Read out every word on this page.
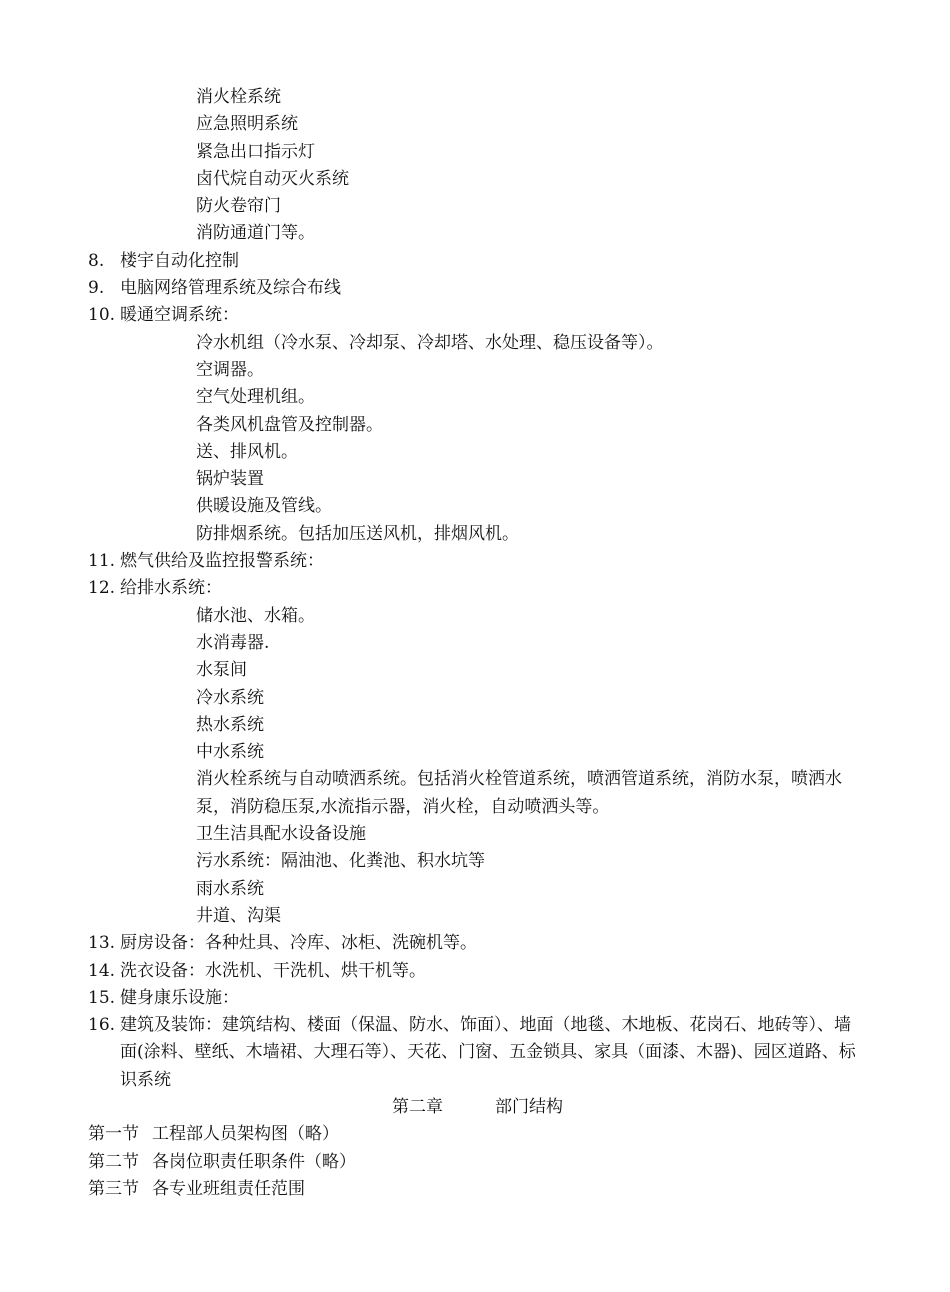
消火栓系统
应急照明系统
紧急出口指示灯
卤代烷自动灭火系统
防火卷帘门
消防通道门等。
8. 楼宇自动化控制
9. 电脑网络管理系统及综合布线
10. 暖通空调系统：
冷水机组（冷水泵、冷却泵、冷却塔、水处理、稳压设备等）。
空调器。
空气处理机组。
各类风机盘管及控制器。
送、排风机。
锅炉装置
供暖设施及管线。
防排烟系统。包括加压送风机，排烟风机。
11. 燃气供给及监控报警系统：
12. 给排水系统：
储水池、水箱。
水消毒器.
水泵间
冷水系统
热水系统
中水系统
消火栓系统与自动喷洒系统。包括消火栓管道系统，喷洒管道系统，消防水泵，喷洒水泵，消防稳压泵,水流指示器，消火栓，自动喷洒头等。
卫生洁具配水设备设施
污水系统：隔油池、化粪池、积水坑等
雨水系统
井道、沟渠
13. 厨房设备：各种灶具、冷库、冰柜、洗碗机等。
14. 洗衣设备：水洗机、干洗机、烘干机等。
15. 健身康乐设施：
16. 建筑及装饰：建筑结构、楼面（保温、防水、饰面）、地面（地毯、木地板、花岗石、地砖等）、墙面(涂料、壁纸、木墙裙、大理石等）、天花、门窗、五金锁具、家具（面漆、木器)、园区道路、标识系统
第二章	部门结构
第一节 工程部人员架构图（略）
第二节 各岗位职责任职条件（略）
第三节 各专业班组责任范围
